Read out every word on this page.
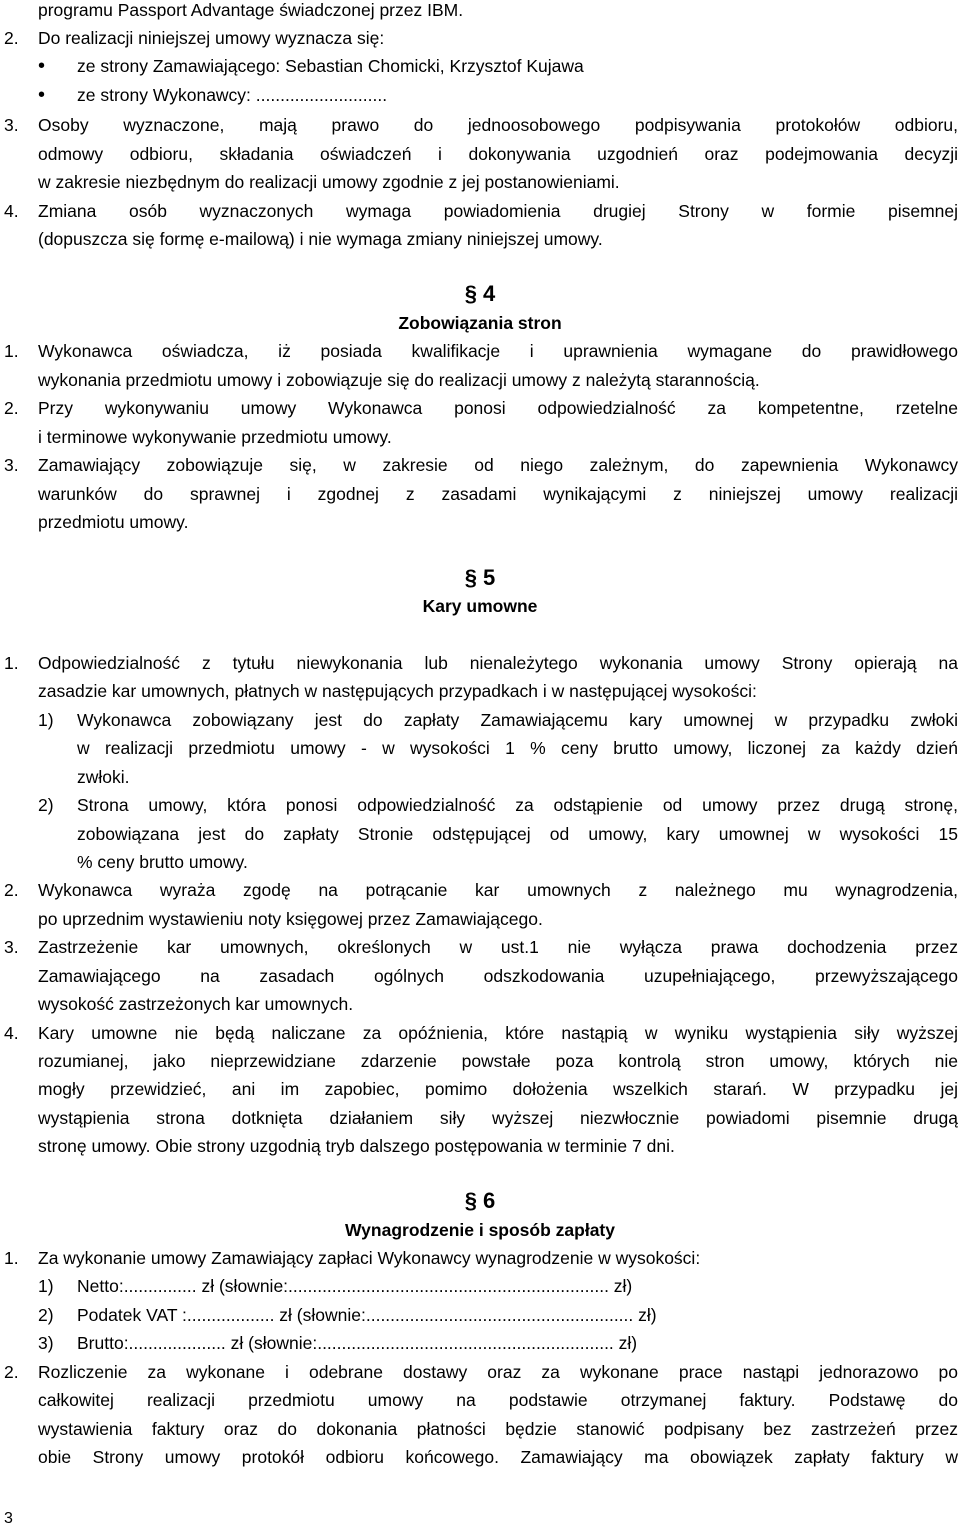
programu Passport Advantage świadczonej przez IBM.
2. Do realizacji niniejszej umowy wyznacza się:
• ze strony Zamawiającego: Sebastian Chomicki, Krzysztof Kujawa
• ze strony Wykonawcy: ...........................
3. Osoby wyznaczone, mają prawo do jednoosobowego podpisywania protokołów odbioru,
odmowy odbioru, składania oświadczeń i dokonywania uzgodnień oraz podejmowania decyzji
w zakresie niezbędnym do realizacji umowy zgodnie z jej postanowieniami.
4. Zmiana osób wyznaczonych wymaga powiadomienia drugiej Strony w formie pisemnej
(dopuszcza się formę e-mailową) i nie wymaga zmiany niniejszej umowy.
§ 4
Zobowiązania stron
1. Wykonawca oświadcza, iż posiada kwalifikacje i uprawnienia wymagane do prawidłowego
wykonania przedmiotu umowy i zobowiązuje się do realizacji umowy z należytą starannością.
2. Przy wykonywaniu umowy Wykonawca ponosi odpowiedzialność za kompetentne, rzetelne
i terminowe wykonywanie przedmiotu umowy.
3. Zamawiający zobowiązuje się, w zakresie od niego zależnym, do zapewnienia Wykonawcy
warunków do sprawnej i zgodnej z zasadami wynikającymi z niniejszej umowy realizacji
przedmiotu umowy.
§ 5
Kary umowne
1. Odpowiedzialność z tytułu niewykonania lub nienależytego wykonania umowy Strony opierają na
zasadzie kar umownych, płatnych w następujących przypadkach i w następującej wysokości:
1) Wykonawca zobowiązany jest do zapłaty Zamawiającemu kary umownej w przypadku zwłoki
w realizacji przedmiotu umowy - w wysokości 1 % ceny brutto umowy, liczonej za każdy dzień
zwłoki.
2) Strona umowy, która ponosi odpowiedzialność za odstąpienie od umowy przez drugą stronę,
zobowiązana jest do zapłaty Stronie odstępującej od umowy, kary umownej w wysokości 15
% ceny brutto umowy.
2. Wykonawca wyraża zgodę na potrącanie kar umownych z należnego mu wynagrodzenia,
po uprzednim wystawieniu noty księgowej przez Zamawiającego.
3. Zastrzeżenie kar umownych, określonych w ust.1 nie wyłącza prawa dochodzenia przez
Zamawiającego na zasadach ogólnych odszkodowania uzupełniającego, przewyższającego
wysokość zastrzeżonych kar umownych.
4. Kary umowne nie będą naliczane za opóźnienia, które nastąpią w wyniku wystąpienia siły wyższej
rozumianej, jako nieprzewidziane zdarzenie powstałe poza kontrolą stron umowy, których nie
mogły przewidzieć, ani im zapobiec, pomimo dołożenia wszelkich starań. W przypadku jej
wystąpienia strona dotknięta działaniem siły wyższej niezwłocznie powiadomi pisemnie drugą
stronę umowy. Obie strony uzgodnią tryb dalszego postępowania w terminie 7 dni.
§ 6
Wynagrodzenie i sposób zapłaty
1. Za wykonanie umowy Zamawiający zapłaci Wykonawcy wynagrodzenie w wysokości:
1) Netto:............... zł (słownie:.................................................................. zł)
2) Podatek VAT :.................. zł (słownie:....................................................... zł)
3) Brutto:.................... zł (słownie:............................................................. zł)
2. Rozliczenie za wykonane i odebrane dostawy oraz za wykonane prace nastąpi jednorazowo po
całkowitej realizacji przedmiotu umowy na podstawie otrzymanej faktury. Podstawę do
wystawienia faktury oraz do dokonania płatności będzie stanowić podpisany bez zastrzeżeń przez
obie Strony umowy protokół odbioru końcowego. Zamawiający ma obowiązek zapłaty faktury w
3
